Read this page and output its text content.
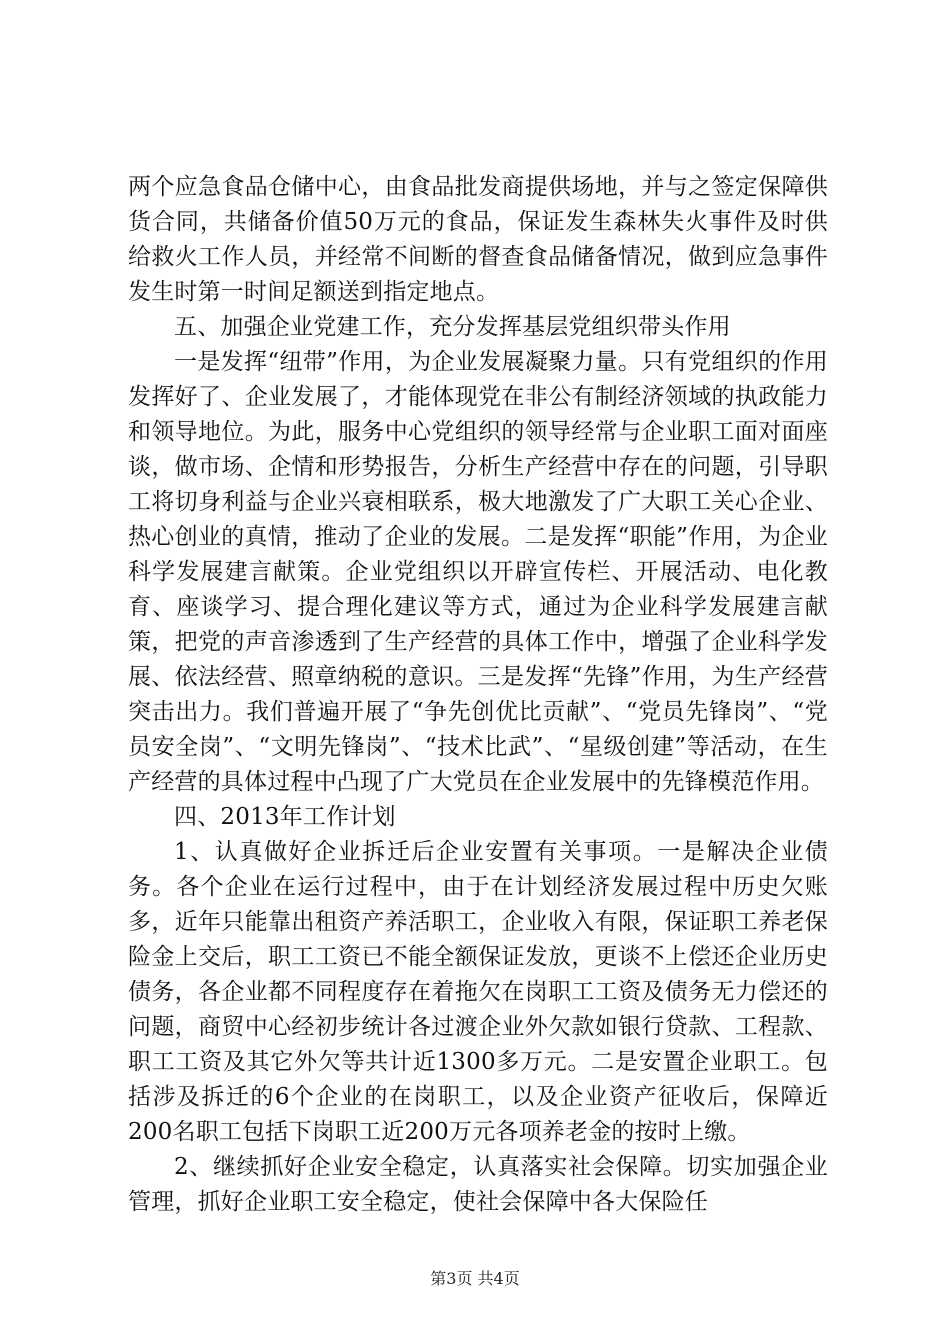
两个应急食品仓储中心，由食品批发商提供场地，并与之签定保障供货合同，共储备价值50万元的食品，保证发生森林失火事件及时供给救火工作人员，并经常不间断的督查食品储备情况，做到应急事件发生时第一时间足额送到指定地点。

五、加强企业党建工作，充分发挥基层党组织带头作用

一是发挥“纽带”作用，为企业发展凝聚力量。只有党组织的作用发挥好了、企业发展了，才能体现党在非公有制经济领域的执政能力和领导地位。为此，服务中心党组织的领导经常与企业职工面对面座谈，做市场、企情和形势报告，分析生产经营中存在的问题，引导职工将切身利益与企业兴衰相联系，极大地激发了广大职工关心企业、热心创业的真情，推动了企业的发展。二是发挥“职能”作用，为企业科学发展建言献策。企业党组织以开辟宣传栏、开展活动、电化教育、座谈学习、提合理化建议等方式，通过为企业科学发展建言献策，把党的声音渗透到了生产经营的具体工作中，增强了企业科学发展、依法经营、照章纳税的意识。三是发挥“先锋”作用，为生产经营突击出力。我们普遍开展了“争先创优比贡献”、“党员先锋岗”、“党员安全岗”、“文明先锋岗”、“技术比武”、“星级创建”等活动，在生产经营的具体过程中凸现了广大党员在企业发展中的先锋模范作用。

四、2013年工作计划

1、认真做好企业拆迁后企业安置有关事项。一是解决企业债务。各个企业在运行过程中，由于在计划经济发展过程中历史欠账多，近年只能靠出租资产养活职工，企业收入有限，保证职工养老保险金上交后，职工工资已不能全额保证发放，更谈不上偿还企业历史债务，各企业都不同程度存在着拖欠在岗职工工资及债务无力偿还的问题，商贸中心经初步统计各过渡企业外欠款如银行贷款、工程款、职工工资及其它外欠等共计近1300多万元。二是安置企业职工。包括涉及拆迁的6个企业的在岗职工，以及企业资产征收后，保障近200名职工包括下岗职工近200万元各项养老金的按时上缴。

2、继续抓好企业安全稳定，认真落实社会保障。切实加强企业管理，抓好企业职工安全稳定，使社会保障中各大保险任

第3页 共4页
